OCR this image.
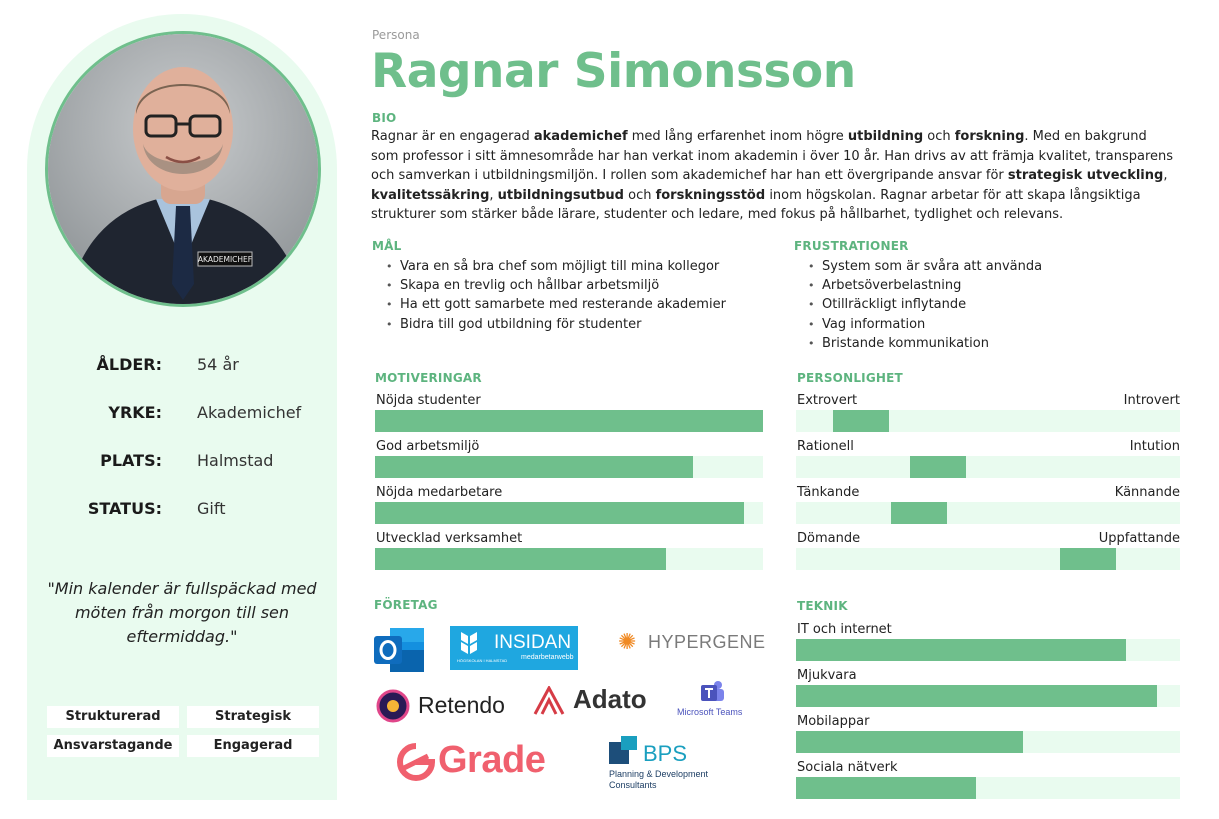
AKADEMICHEF
ÅLDER: 54 år
YRKE: Akademichef
PLATS: Halmstad
STATUS: Gift
"Min kalender är fullspäckad med möten från morgon till sen eftermiddag."
Strukturerad	Strategisk
Ansvarstagande	Engagerad
Persona
Ragnar Simonsson
BIO
Ragnar är en engagerad akademichef med lång erfarenhet inom högre utbildning och forskning. Med en bakgrund som professor i sitt ämnesområde har han verkat inom akademin i över 10 år. Han drivs av att främja kvalitet, transparens och samverkan i utbildningsmiljön. I rollen som akademichef har han ett övergripande ansvar för strategisk utveckling, kvalitetssäkring, utbildningsutbud och forskningsstöd inom högskolan. Ragnar arbetar för att skapa långsiktiga strukturer som stärker både lärare, studenter och ledare, med fokus på hållbarhet, tydlighet och relevans.
MÅL
• Vara en så bra chef som möjligt till mina kollegor
• Skapa en trevlig och hållbar arbetsmiljö
• Ha ett gott samarbete med resterande akademier
• Bidra till god utbildning för studenter
FRUSTRATIONER
• System som är svåra att använda
• Arbetsöverbelastning
• Otillräckligt inflytande
• Vag information
• Bristande kommunikation
MOTIVERINGAR
Nöjda studenter
God arbetsmiljö
Nöjda medarbetare
Utvecklad verksamhet
PERSONLIGHET
Extrovert	Introvert
Rationell	Intution
Tänkande	Kännande
Dömande	Uppfattande
FÖRETAG
HÖGSKOLAN I HALMSTAD
INSIDAN
medarbetarwebb
✺ HYPERGENE
Retendo	Adato	Microsoft Teams
Grade	BPS
Planning & Development
Consultants
TEKNIK
IT och internet
Mjukvara
Mobilappar
Sociala nätverk
